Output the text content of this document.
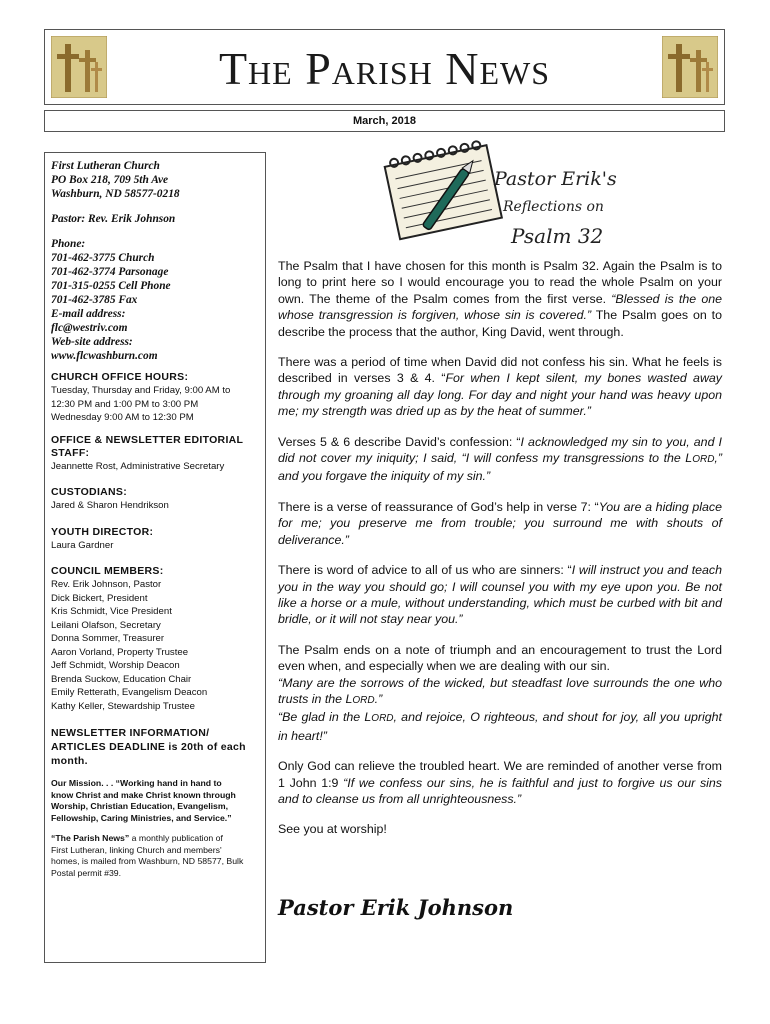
The Parish News
March, 2018
First Lutheran Church
PO Box 218, 709 5th Ave
Washburn, ND 58577-0218
Pastor: Rev. Erik Johnson
Phone:
701-462-3775 Church
701-462-3774 Parsonage
701-315-0255 Cell Phone
701-462-3785 Fax
E-mail address:
flc@westriv.com
Web-site address:
www.flcwashburn.com
CHURCH OFFICE HOURS:
Tuesday, Thursday and Friday, 9:00 AM to
12:30 PM and 1:00 PM to 3:00 PM
Wednesday 9:00 AM to 12:30 PM
OFFICE & NEWSLETTER EDITORIAL
STAFF:
Jeannette Rost, Administrative Secretary
CUSTODIANS:
Jared & Sharon Hendrikson
YOUTH DIRECTOR:
Laura Gardner
COUNCIL MEMBERS:
Rev. Erik Johnson, Pastor
Dick Bickert, President
Kris Schmidt, Vice President
Leilani Olafson, Secretary
Donna Sommer, Treasurer
Aaron Vorland, Property Trustee
Jeff Schmidt, Worship Deacon
Brenda Suckow, Education Chair
Emily Retterath, Evangelism Deacon
Kathy Keller, Stewardship Trustee
NEWSLETTER INFORMATION/
ARTICLES DEADLINE is 20th of each
month.
Our Mission. . . “Working hand in hand to
know Christ and make Christ known through
Worship, Christian Education, Evangelism,
Fellowship, Caring Ministries, and Service.”
“The Parish News” a monthly publication of
First Lutheran, linking Church and members'
homes, is mailed from Washburn, ND 58577, Bulk
Postal permit #39.
Pastor Erik's
Reflections on
Psalm 32

The Psalm that I have chosen for this month is Psalm 32. Again the Psalm is to long to print here so I would encourage you to read the whole Psalm on your own. The theme of the Psalm comes from the first verse. “Blessed is the one whose transgression is forgiven, whose sin is covered.” The Psalm goes on to describe the process that the author, King David, went through.

There was a period of time when David did not confess his sin. What he feels is described in verses 3 & 4. “For when I kept silent, my bones wasted away through my groaning all day long. For day and night your hand was heavy upon me; my strength was dried up as by the heat of summer.”

Verses 5 & 6 describe David’s confession: “I acknowledged my sin to you, and I did not cover my iniquity; I said, “I will confess my transgressions to the LORD,” and you forgave the iniquity of my sin.”

There is a verse of reassurance of God’s help in verse 7: “You are a hiding place for me; you preserve me from trouble; you surround me with shouts of deliverance.”

There is word of advice to all of us who are sinners: “I will instruct you and teach you in the way you should go; I will counsel you with my eye upon you. Be not like a horse or a mule, without understanding, which must be curbed with bit and bridle, or it will not stay near you.”

The Psalm ends on a note of triumph and an encouragement to trust the Lord even when, and especially when we are dealing with our sin.
“Many are the sorrows of the wicked, but steadfast love surrounds the one who trusts in the LORD.”
“Be glad in the LORD, and rejoice, O righteous, and shout for joy, all you upright in heart!”

Only God can relieve the troubled heart. We are reminded of another verse from 1 John 1:9 “If we confess our sins, he is faithful and just to forgive us our sins and to cleanse us from all unrighteousness.”

See you at worship!

Pastor Erik Johnson
